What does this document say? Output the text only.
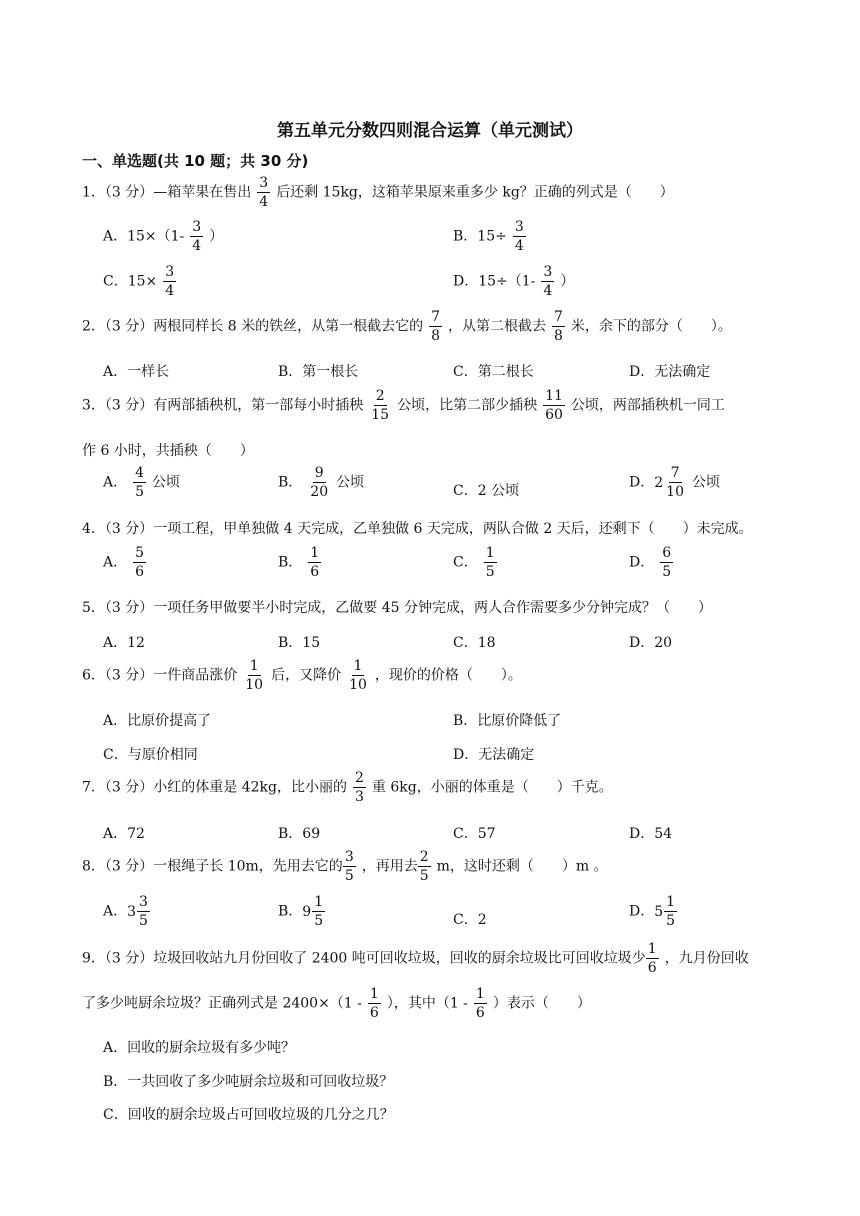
第五单元分数四则混合运算（单元测试）
一、单选题(共 10 题；共 30 分)
1．（3 分）—箱苹果在售出 $\frac{3}{4}$ 后还剩 15kg，这箱苹果原来重多少 kg？正确的列式是（ ）
A．$15\times(1- \frac{3}{4}$ ）	B．$15\div \frac{3}{4}$
C．$15\times \frac{3}{4}$	D．$15\div(1- \frac{3}{4}$ ）
2．（3 分）两根同样长 8 米的铁丝，从第一根截去它的 $\frac{7}{8}$ ，从第二根截去 $\frac{7}{8}$ 米，余下的部分（ ）。
A．一样长	B．第一根长	C．第二根长	D．无法确定
3．（3 分）有两部插秧机，第一部每小时插秧 $\frac{2}{15}$ 公顷，比第二部少插秧 $\frac{11}{60}$ 公顷，两部插秧机一同工
作 6 小时，共插秧（ ）
A． $\frac{4}{5}$ 公顷	B． $\frac{9}{20}$ 公顷
C．2 公顷
D． $2 \frac{7}{10}$ 公顷
4．（3 分）一项工程，甲单独做 4 天完成，乙单独做 6 天完成，两队合做 2 天后，还剩下（ ）未完成。
A． $\frac{5}{6}$	B． $\frac{1}{6}$	C． $\frac{1}{5}$	D． $\frac{6}{5}$
5．（3 分）一项任务甲做要半小时完成，乙做要 45 分钟完成，两人合作需要多少分钟完成？（ ）
A．12	B．15	C．18	D．20
6．（3 分）一件商品涨价 $\frac{1}{10}$ 后，又降价 $\frac{1}{10}$ ，现价的价格（ ）。
A．比原价提高了	B．比原价降低了
C．与原价相同	D．无法确定
7．（3 分）小红的体重是 42kg，比小丽的 $\frac{2}{3}$ 重 6kg，小丽的体重是（ ）千克。
A．72	B．69	C．57	D．54
8．（3 分）一根绳子长 10m，先用去它的 $\frac{3}{5}$ ，再用去 $\frac{2}{5}$ m，这时还剩（ ）m 。
A． $3 \frac{3}{5}$	B． $9 \frac{1}{5}$	C．2
D． $5 \frac{1}{5}$
9．（3 分）垃圾回收站九月份回收了 2400 吨可回收垃圾，回收的厨余垃圾比可回收垃圾少 $\frac{1}{6}$ ，九月份回收
了多少吨厨余垃圾？正确列式是 $2400\times(1 - \frac{1}{6}$ ），其中（$1 - \frac{1}{6}$ ）表示（ ）
A．回收的厨余垃圾有多少吨？
B．一共回收了多少吨厨余垃圾和可回收垃圾？
C．回收的厨余垃圾占可回收垃圾的几分之几？
